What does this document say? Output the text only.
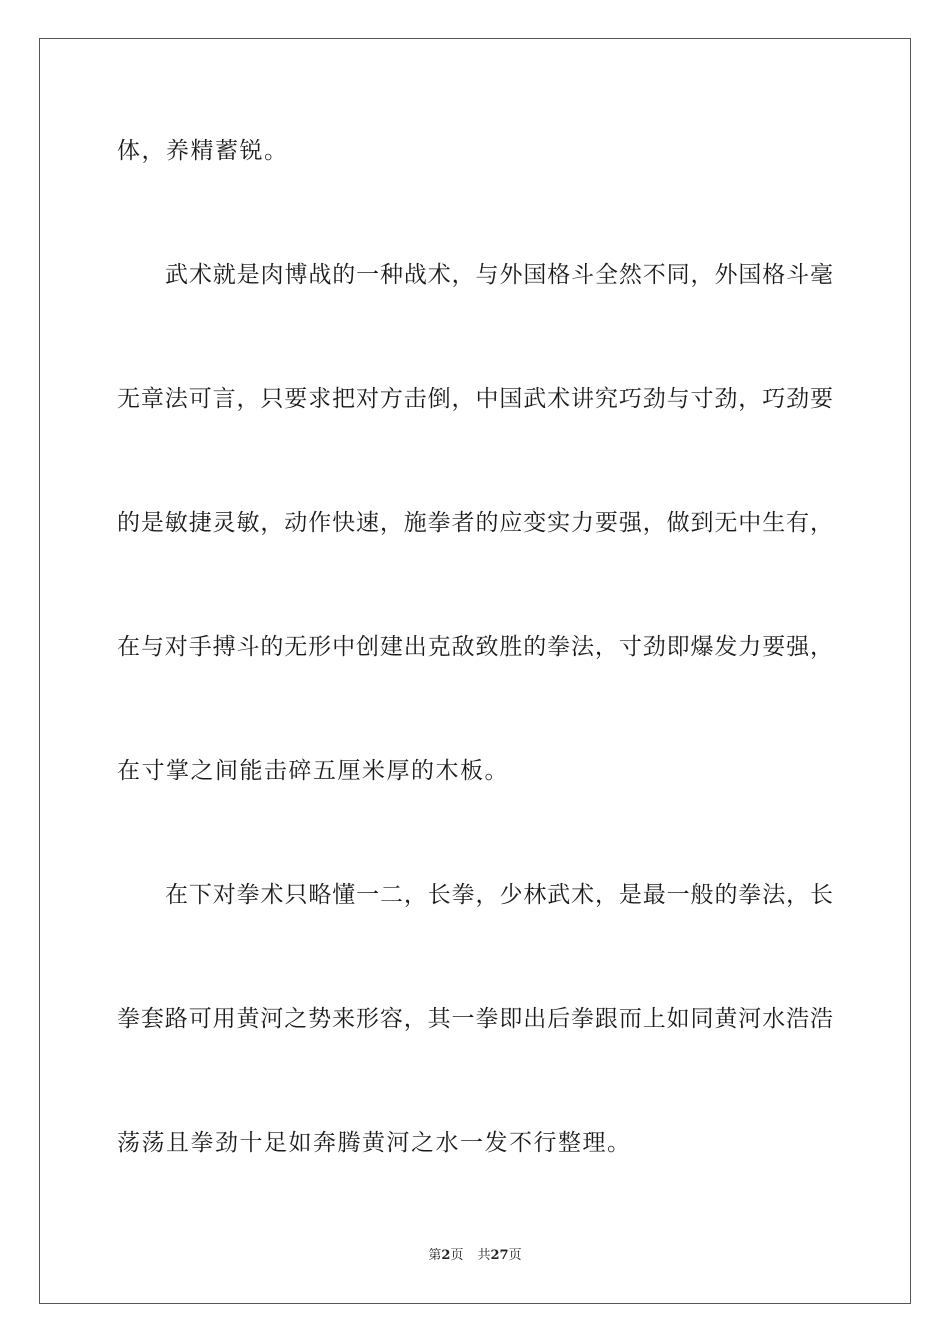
体，养精蓄锐。
武术就是肉博战的一种战术，与外国格斗全然不同，外国格斗毫
无章法可言，只要求把对方击倒，中国武术讲究巧劲与寸劲，巧劲要
的是敏捷灵敏，动作快速，施拳者的应变实力要强，做到无中生有，
在与对手搏斗的无形中创建出克敌致胜的拳法，寸劲即爆发力要强，
在寸掌之间能击碎五厘米厚的木板。
在下对拳术只略懂一二，长拳，少林武术，是最一般的拳法，长
拳套路可用黄河之势来形容，其一拳即出后拳跟而上如同黄河水浩浩
荡荡且拳劲十足如奔腾黄河之水一发不行整理。
第2页 共27页
